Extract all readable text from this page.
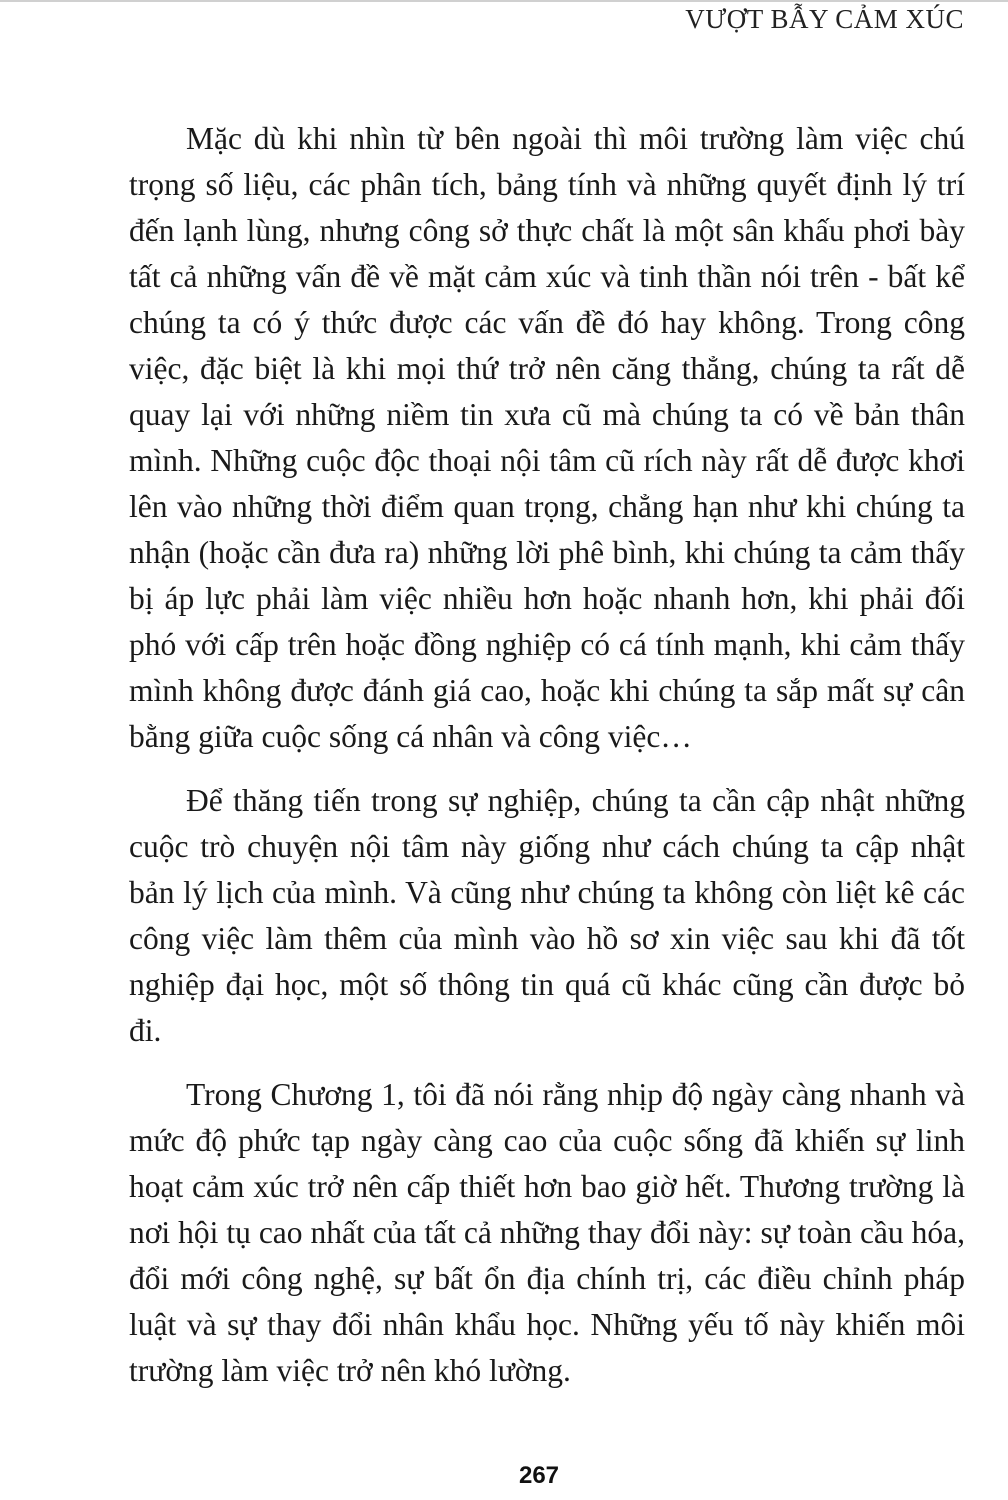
VƯỢT BẪY CẢM XÚC

Mặc dù khi nhìn từ bên ngoài thì môi trường làm việc chú trọng số liệu, các phân tích, bảng tính và những quyết định lý trí đến lạnh lùng, nhưng công sở thực chất là một sân khấu phơi bày tất cả những vấn đề về mặt cảm xúc và tinh thần nói trên - bất kể chúng ta có ý thức được các vấn đề đó hay không. Trong công việc, đặc biệt là khi mọi thứ trở nên căng thẳng, chúng ta rất dễ quay lại với những niềm tin xưa cũ mà chúng ta có về bản thân mình. Những cuộc độc thoại nội tâm cũ rích này rất dễ được khơi lên vào những thời điểm quan trọng, chẳng hạn như khi chúng ta nhận (hoặc cần đưa ra) những lời phê bình, khi chúng ta cảm thấy bị áp lực phải làm việc nhiều hơn hoặc nhanh hơn, khi phải đối phó với cấp trên hoặc đồng nghiệp có cá tính mạnh, khi cảm thấy mình không được đánh giá cao, hoặc khi chúng ta sắp mất sự cân bằng giữa cuộc sống cá nhân và công việc…

Để thăng tiến trong sự nghiệp, chúng ta cần cập nhật những cuộc trò chuyện nội tâm này giống như cách chúng ta cập nhật bản lý lịch của mình. Và cũng như chúng ta không còn liệt kê các công việc làm thêm của mình vào hồ sơ xin việc sau khi đã tốt nghiệp đại học, một số thông tin quá cũ khác cũng cần được bỏ đi.

Trong Chương 1, tôi đã nói rằng nhịp độ ngày càng nhanh và mức độ phức tạp ngày càng cao của cuộc sống đã khiến sự linh hoạt cảm xúc trở nên cấp thiết hơn bao giờ hết. Thương trường là nơi hội tụ cao nhất của tất cả những thay đổi này: sự toàn cầu hóa, đổi mới công nghệ, sự bất ổn địa chính trị, các điều chỉnh pháp luật và sự thay đổi nhân khẩu học. Những yếu tố này khiến môi trường làm việc trở nên khó lường.

267
